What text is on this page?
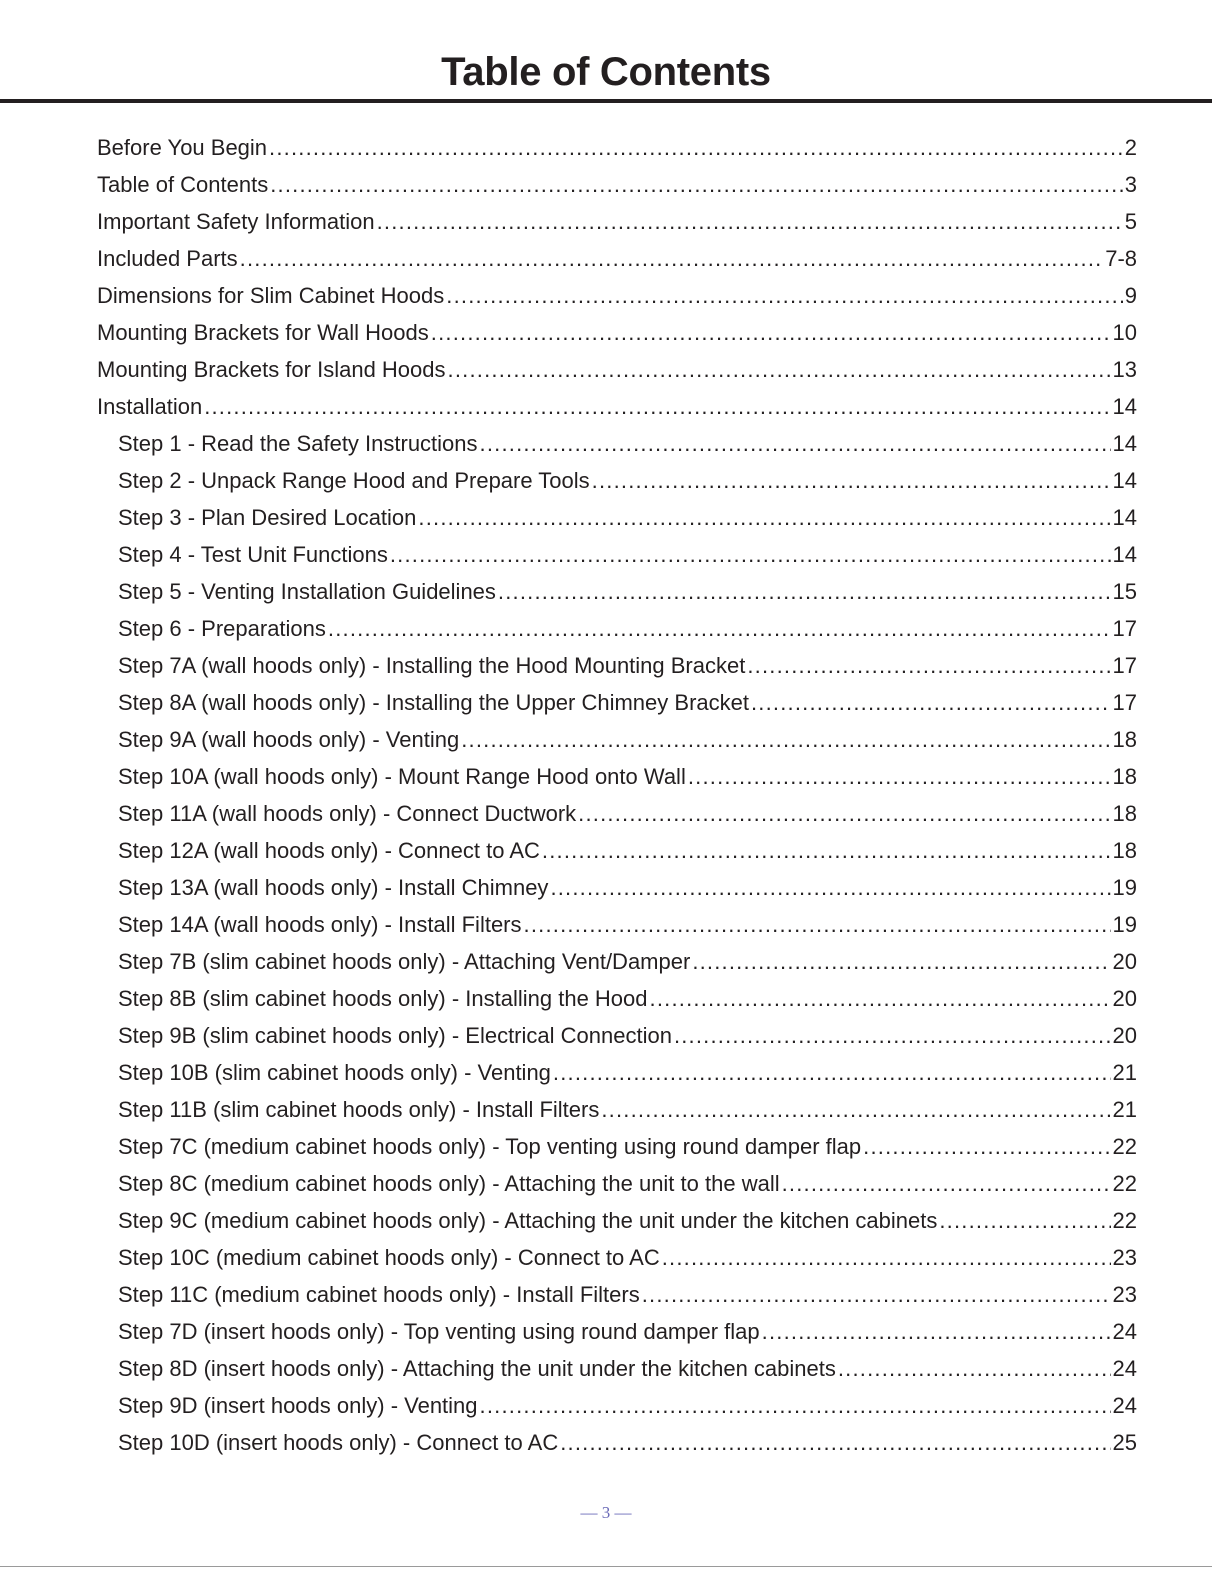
Table of Contents
Before You Begin .....	2
Table of Contents .....	3
Important Safety Information .....	5
Included Parts .....	7-8
Dimensions for Slim Cabinet Hoods .....	9
Mounting Brackets for Wall Hoods .....	10
Mounting Brackets for Island Hoods .....	13
Installation .....	14
Step 1 - Read the Safety Instructions .....	14
Step 2 - Unpack Range Hood and Prepare Tools .....	14
Step 3 - Plan Desired Location .....	14
Step 4 - Test Unit Functions .....	14
Step 5 - Venting Installation Guidelines .....	15
Step 6 - Preparations .....	17
Step 7A (wall hoods only) - Installing the Hood Mounting Bracket .....	17
Step 8A (wall hoods only) - Installing the Upper Chimney Bracket .....	17
Step 9A (wall hoods only) - Venting .....	18
Step 10A (wall hoods only) - Mount Range Hood onto Wall .....	18
Step 11A (wall hoods only) - Connect Ductwork .....	18
Step 12A (wall hoods only) - Connect to AC .....	18
Step 13A (wall hoods only) - Install Chimney .....	19
Step 14A (wall hoods only) - Install Filters .....	19
Step 7B (slim cabinet hoods only) - Attaching Vent/Damper .....	20
Step 8B (slim cabinet hoods only) - Installing the Hood .....	20
Step 9B (slim cabinet hoods only) - Electrical Connection .....	20
Step 10B (slim cabinet hoods only) - Venting .....	21
Step 11B (slim cabinet hoods only) - Install Filters .....	21
Step 7C (medium cabinet hoods only) - Top venting using round damper flap .....	22
Step 8C (medium cabinet hoods only) - Attaching the unit to the wall .....	22
Step 9C (medium cabinet hoods only) - Attaching the unit under the kitchen cabinets .....	22
Step 10C (medium cabinet hoods only) - Connect to AC .....	23
Step 11C (medium cabinet hoods only) - Install Filters .....	23
Step 7D (insert hoods only) - Top venting using round damper flap .....	24
Step 8D (insert hoods only) - Attaching the unit under the kitchen cabinets .....	24
Step 9D (insert hoods only) - Venting .....	24
Step 10D (insert hoods only) - Connect to AC .....	25
— 3 —
